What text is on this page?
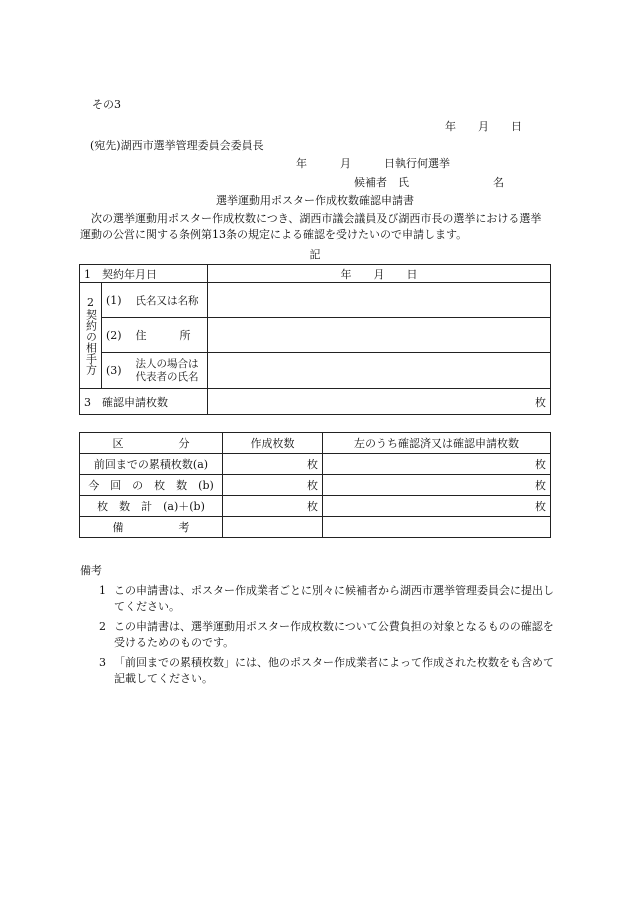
その3
年　　月　　日
(宛先)湖西市選挙管理委員会委員長
年　　　月　　　日執行何選挙
候補者　氏	名
選挙運動用ポスター作成枚数確認申請書

次の選挙運動用ポスター作成枚数につき、湖西市議会議員及び湖西市長の選挙における選挙運動の公営に関する条例第13条の規定による確認を受けたいので申請します。

記
1　契約年月日			年　　月　　日

2
契約の相手方	(1)	氏名又は名称	
	(2)	住　　　所	
	(3)	法人の場合は
代表者の氏名	

3　確認申請枚数			枚
区　　　　　分	作成枚数	左のうち確認済又は確認申請枚数
前回までの累積枚数(a)	枚	枚
今　回　の　枚　数　(b)	枚	枚
枚　数　計　(a)＋(b)	枚	枚
備　　　　　考		
備考
1 この申請書は、ポスター作成業者ごとに別々に候補者から湖西市選挙管理委員会に提出してください。
2 この申請書は、選挙運動用ポスター作成枚数について公費負担の対象となるものの確認を受けるためのものです。
3 「前回までの累積枚数」には、他のポスター作成業者によって作成された枚数をも含めて記載してください。
